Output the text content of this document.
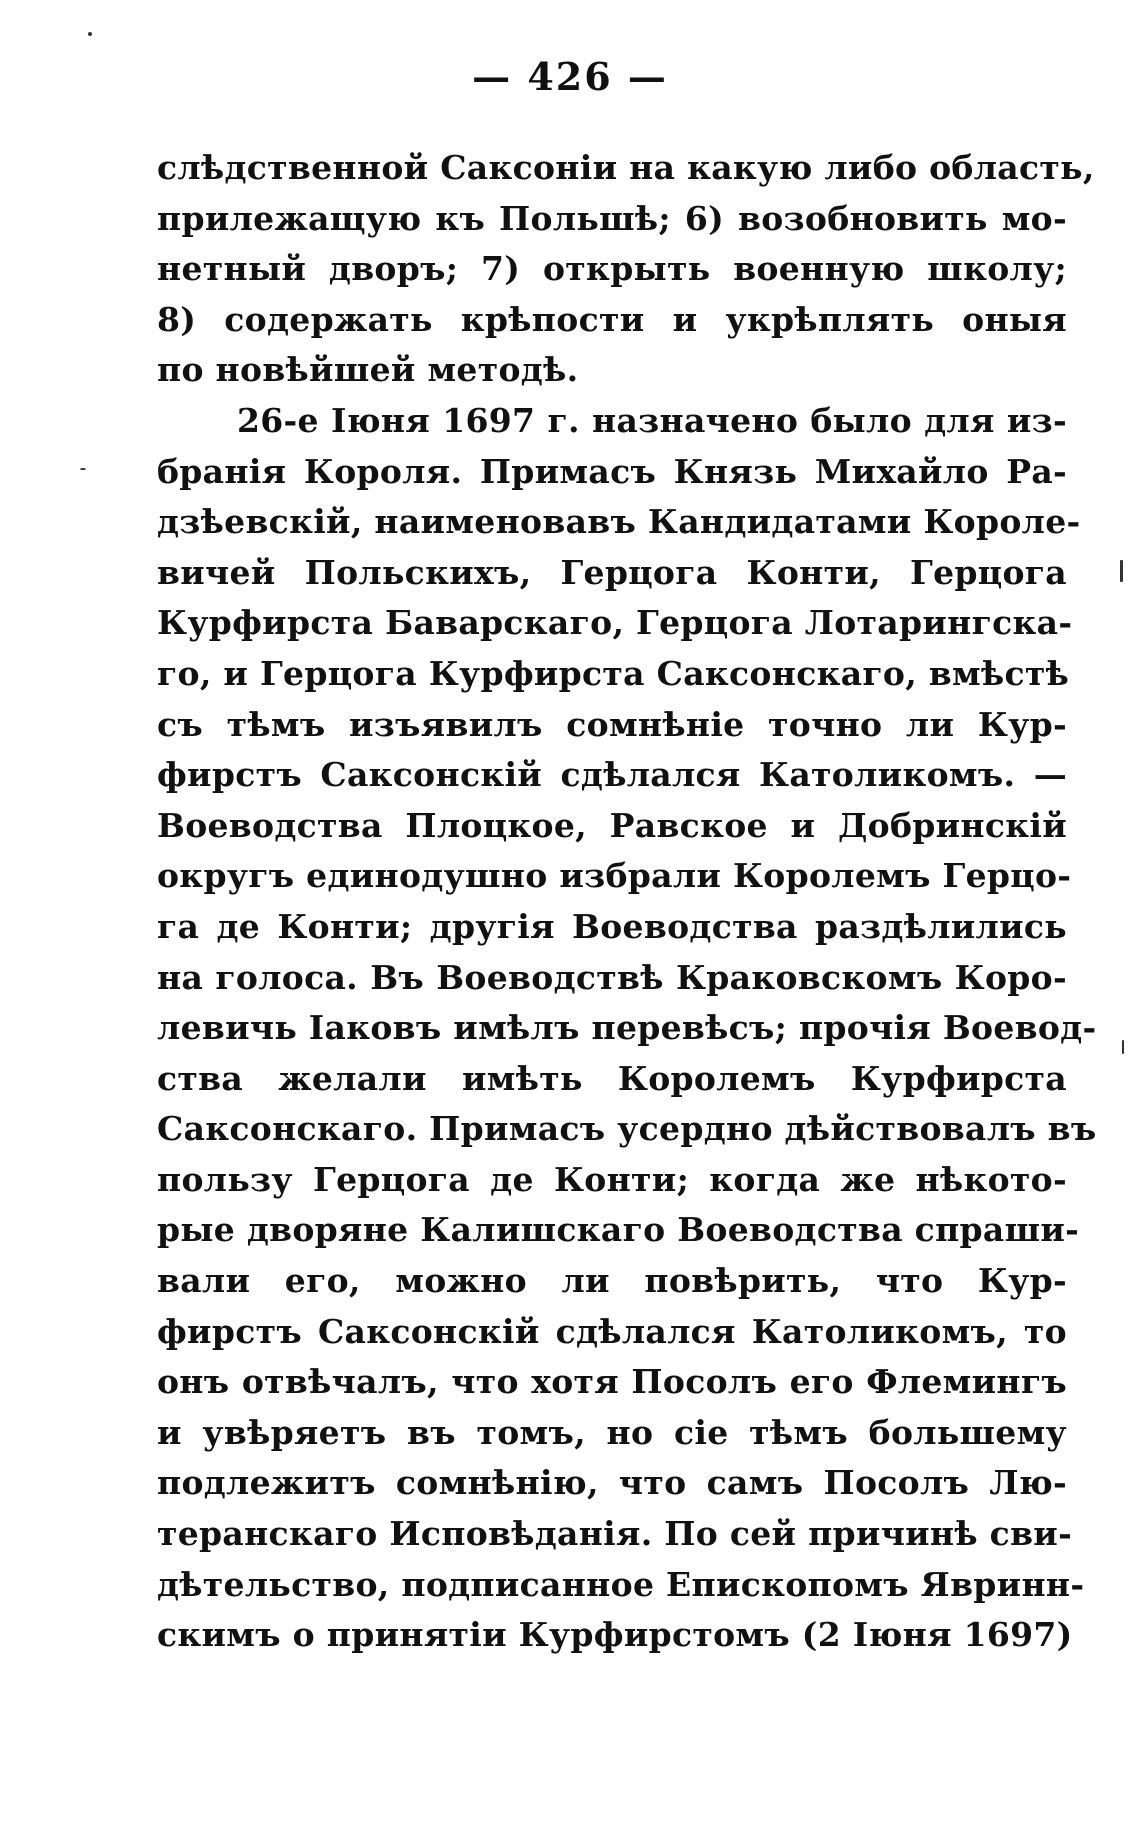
— 426 —
слѣдственной Саксоніи на какую либо область,
прилежащую къ Польшѣ; 6) возобновить мо-
нетный дворъ; 7) открыть военную школу;
8) содержать крѣпости и укрѣплять оныя
по новѣйшей методѣ.
26-е Іюня 1697 г. назначено было для из-
бранія Короля. Примасъ Князь Михайло Ра-
дзѣевскій, наименовавъ Кандидатами Короле-
вичей Польскихъ, Герцога Конти, Герцога
Курфирста Баварскаго, Герцога Лотарингска-
го, и Герцога Курфирста Саксонскаго, вмѣстѣ
съ тѣмъ изъявилъ сомнѣніе точно ли Кур-
фирстъ Саксонскій сдѣлался Католикомъ. —
Воеводства Плоцкое, Равское и Добринскій
округъ единодушно избрали Королемъ Герцо-
га де Конти; другія Воеводства раздѣлились
на голоса. Въ Воеводствѣ Краковскомъ Коро-
левичь Іаковъ имѣлъ перевѣсъ; прочія Воевод-
ства желали имѣть Королемъ Курфирста
Саксонскаго. Примасъ усердно дѣйствовалъ въ
пользу Герцога де Конти; когда же нѣкото-
рые дворяне Калишскаго Воеводства спраши-
вали его, можно ли повѣрить, что Кур-
фирстъ Саксонскій сдѣлался Католикомъ, то
онъ отвѣчалъ, что хотя Посолъ его Флемингъ
и увѣряетъ въ томъ, но сіе тѣмъ большему
подлежитъ сомнѣнію, что самъ Посолъ Лю-
теранскаго Исповѣданія. По сей причинѣ сви-
дѣтельство, подписанное Епископомъ Явринн-
скимъ о принятіи Курфирстомъ (2 Іюня 1697)
